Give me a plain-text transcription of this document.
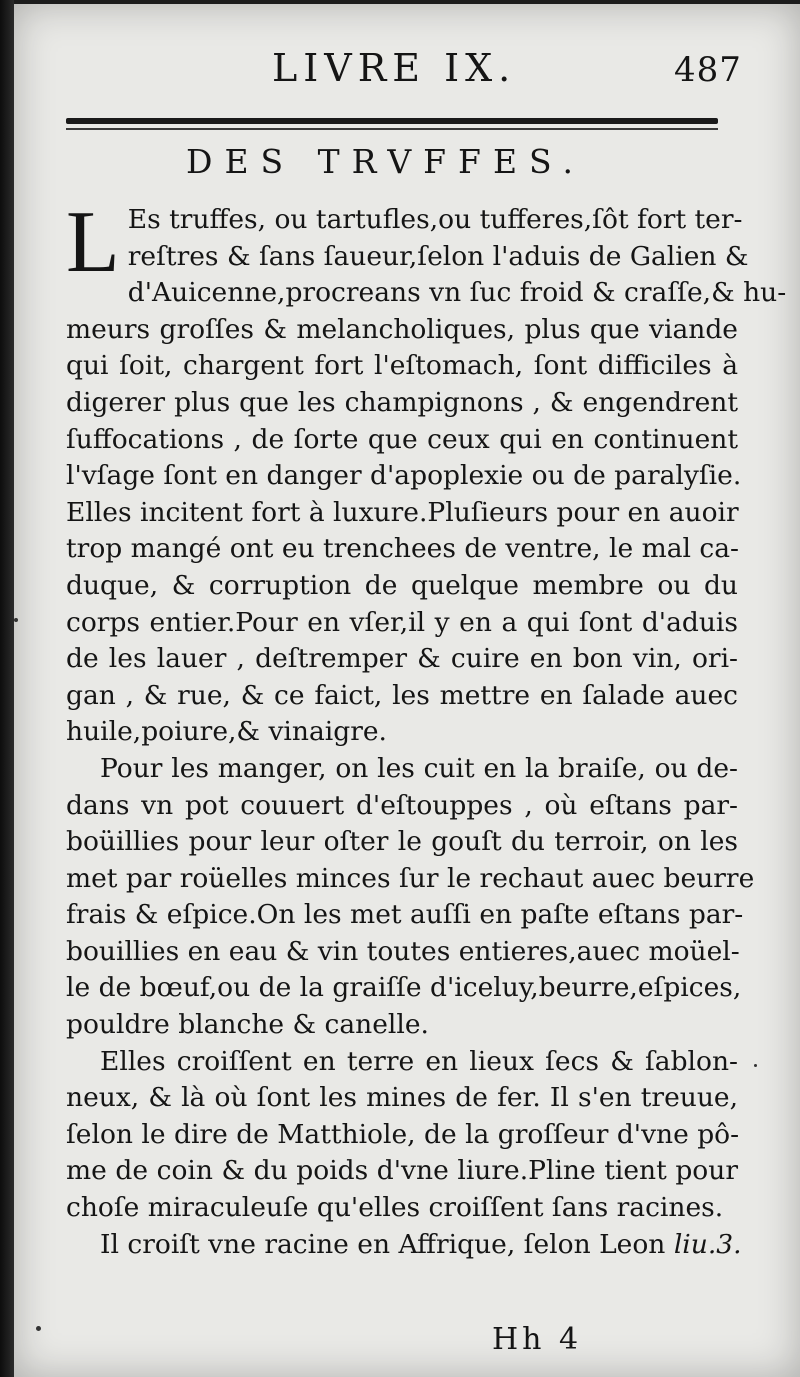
LIVRE IX.	487
DES TRVFFES.
L Es truffes, ou tartufles,ou tufferes,ſôt fort ter-
reſtres & ſans ſaueur,ſelon l'aduis de Galien &
d'Auicenne,procreans vn ſuc froid & craſſe,& hu-
meurs groſſes & melancholiques, plus que viande
qui ſoit, chargent fort l'eſtomach, ſont difficiles à
digerer plus que les champignons , & engendrent
ſuffocations , de ſorte que ceux qui en continuent
l'vſage ſont en danger d'apoplexie ou de paralyſie.
Elles incitent fort à luxure.Pluſieurs pour en auoir
trop mangé ont eu trenchees de ventre, le mal ca-
duque, & corruption de quelque membre ou du
corps entier.Pour en vſer,il y en a qui ſont d'aduis
de les lauer , deſtremper & cuire en bon vin, ori-
gan , & rue, & ce faict, les mettre en ſalade auec
huile,poiure,& vinaigre.
Pour les manger, on les cuit en la braiſe, ou de-
dans vn pot couuert d'eſtouppes , où eſtans par-
boüillies pour leur oſter le gouſt du terroir, on les
met par roüelles minces ſur le rechaut auec beurre
frais & eſpice.On les met auſſi en paſte eſtans par-
bouillies en eau & vin toutes entieres,auec moüel-
le de bœuf,ou de la graiſſe d'iceluy,beurre,eſpices,
pouldre blanche & canelle.
Elles croiſſent en terre en lieux ſecs & ſablon-
neux, & là où ſont les mines de fer. Il s'en treuue,
ſelon le dire de Matthiole, de la groſſeur d'vne pô-
me de coin & du poids d'vne liure.Pline tient pour
choſe miraculeuſe qu'elles croiſſent ſans racines.
Il croiſt vne racine en Affrique, ſelon Leon liu.3.
Hh 4
